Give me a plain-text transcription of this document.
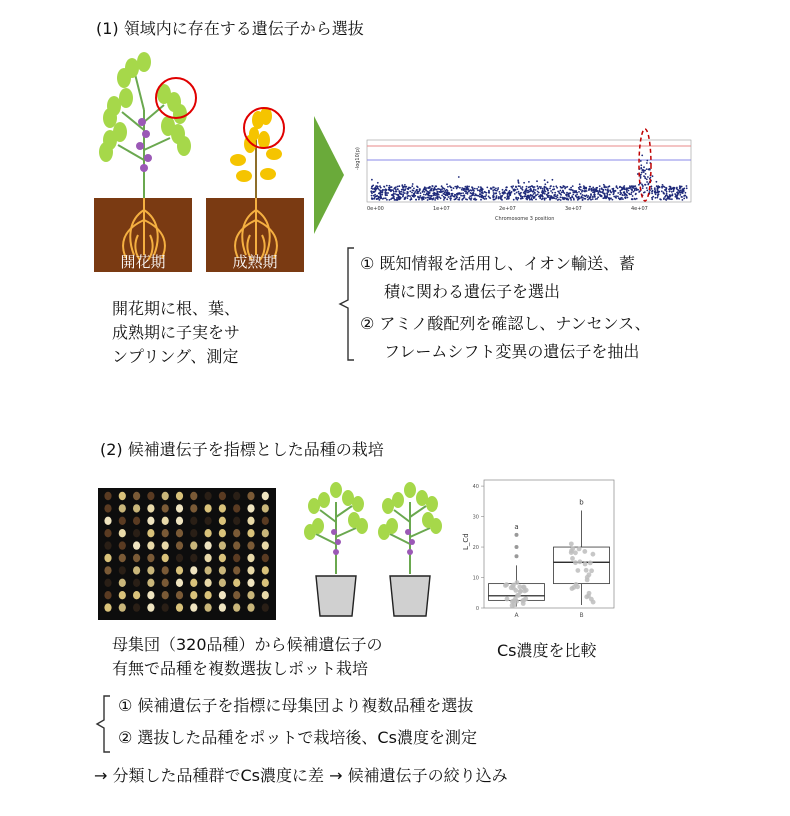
(1) 領域内に存在する遺伝子から選抜
開花期	成熟期
-log10(p)
0e+00	1e+07	2e+07	3e+07	4e+07
Chromosome 3 position
① 既知情報を活用し、イオン輸送、蓄
積に関わる遺伝子を選出
② アミノ酸配列を確認し、ナンセンス、
フレームシフト変異の遺伝子を抽出
開花期に根、葉、
成熟期に子実をサ
ンプリング、測定
(2) 候補遺伝子を指標とした品種の栽培
0
10
20
30
40
a
A
b
B
L_Cd
母集団（320品種）から候補遺伝子の
有無で品種を複数選抜しポット栽培
Cs濃度を比較
① 候補遺伝子を指標に母集団より複数品種を選抜
② 選抜した品種をポットで栽培後、Cs濃度を測定
→ 分類した品種群でCs濃度に差 → 候補遺伝子の絞り込み
